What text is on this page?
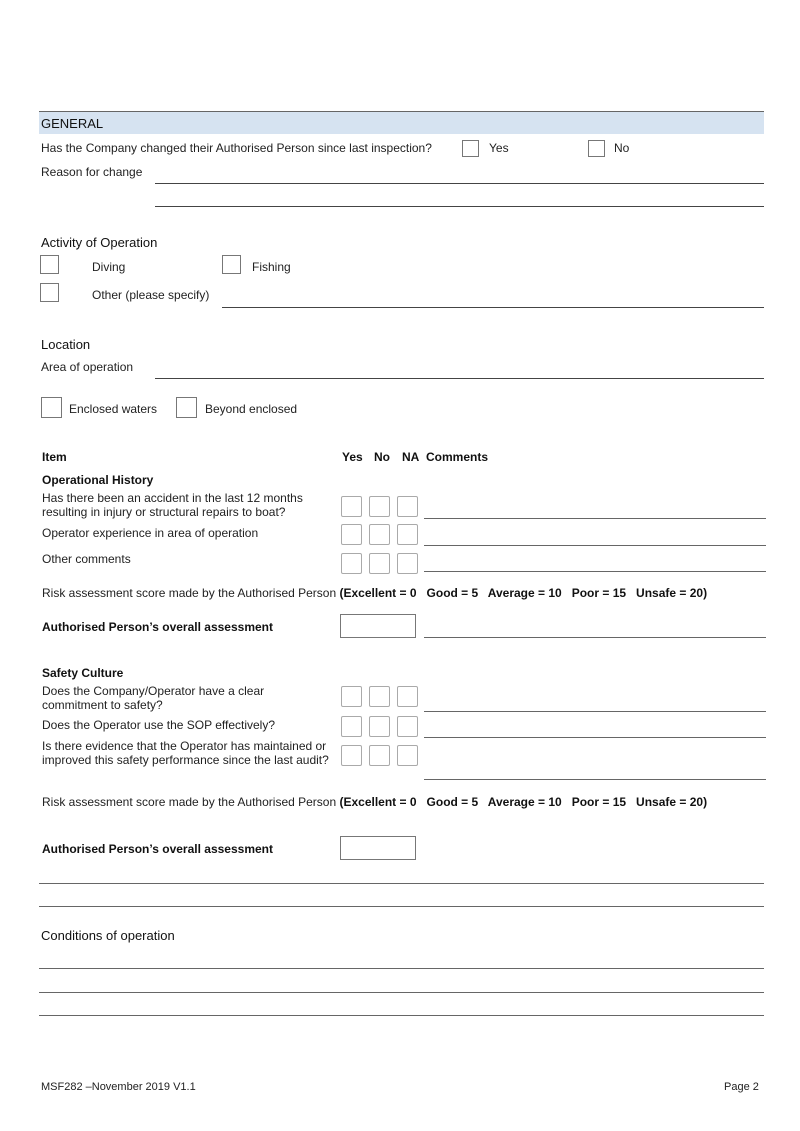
GENERAL
Has the Company changed their Authorised Person since last inspection?	Yes	No
Reason for change
Activity of Operation
Diving	Fishing
Other (please specify)
Location
Area of operation
Enclosed waters	Beyond enclosed
Item	Yes No NA Comments
Operational History
Has there been an accident in the last 12 months resulting in injury or structural repairs to boat?
Operator experience in area of operation
Other comments
Risk assessment score made by the Authorised Person (Excellent = 0   Good = 5   Average = 10   Poor = 15   Unsafe = 20)
Authorised Person’s overall assessment
Safety Culture
Does the Company/Operator have a clear commitment to safety?
Does the Operator use the SOP effectively?
Is there evidence that the Operator has maintained or improved this safety performance since the last audit?
Risk assessment score made by the Authorised Person (Excellent = 0   Good = 5   Average = 10   Poor = 15   Unsafe = 20)
Authorised Person’s overall assessment
Conditions of operation
MSF282 –November 2019 V1.1	Page 2
